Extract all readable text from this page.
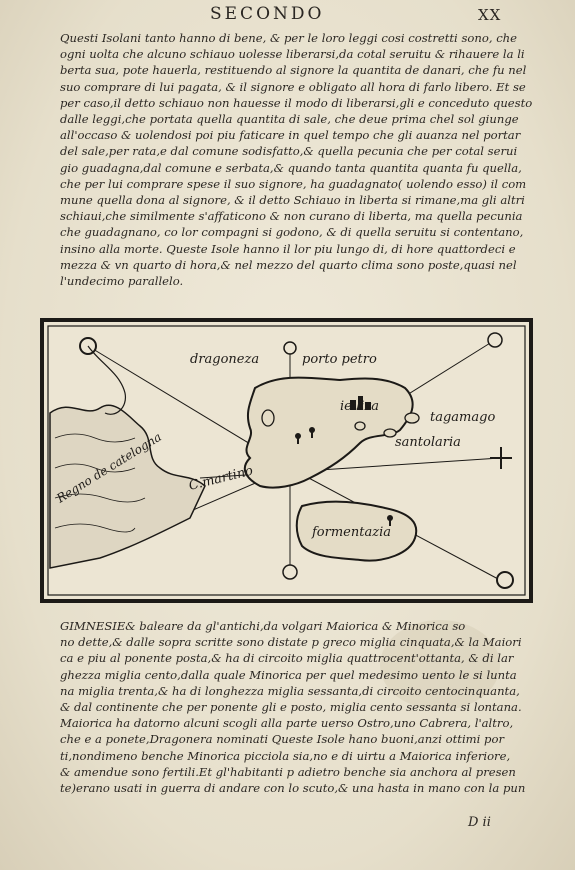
SECONDO	XX
Questi Isolani tanto hanno di bene, & per le loro leggi cosi costretti sono, che
ogni uolta che alcuno schiauo uolesse liberarsi,da cotal seruitu & rihauere la li
berta sua, pote hauerla, restituendo al signore la quantita de danari, che fu nel
suo comprare di lui pagata, & il signore e obligato all hora di farlo libero. Et se
per caso,il detto schiauo non hauesse il modo di liberarsi,gli e conceduto questo
dalle leggi,che portata quella quantita di sale, che deue prima chel sol giunge
all'occaso & uolendosi poi piu faticare in quel tempo che gli auanza nel portar
del sale,per rata,e dal comune sodisfatto,& quella pecunia che per cotal serui
gio guadagna,dal comune e serbata,& quando tanta quantita quanta fu quella,
che per lui comprare spese il suo signore, ha guadagnato( uolendo esso) il com
mune quella dona al signore, & il detto Schiauo in liberta si rimane,ma gli altri
schiaui,che similmente s'affaticono & non curano di liberta, ma quella pecunia
che guadagnano, co lor compagni si godono, & di quella seruitu si contentano,
insino alla morte. Queste Isole hanno il lor piu lungo di, di hore quattordeci e
mezza & vn quarto di hora,& nel mezzo del quarto clima sono poste,quasi nel
l'undecimo parallelo.
dragoneza	porto petro
ieuiza
tagamago
santolaria
Regno de catelogna C.martino
formentazia
GIMNESIE& baleare da gl'antichi,da volgari Maiorica & Minorica so
no dette,& dalle sopra scritte sono distate p greco miglia cinquata,& la Maiori
ca e piu al ponente posta,& ha di circoito miglia quattrocent'ottanta, & di lar
ghezza miglia cento,dalla quale Minorica per quel medesimo uento le si lunta
na miglia trenta,& ha di longhezza miglia sessanta,di circoito centocinquanta,
& dal continente che per ponente gli e posto, miglia cento sessanta si lontana.
Maiorica ha datorno alcuni scogli alla parte uerso Ostro,uno Cabrera, l'altro,
che e a ponete,Dragonera nominati Queste Isole hano buoni,anzi ottimi por
ti,nondimeno benche Minorica picciola sia,no e di uirtu a Maiorica inferiore,
& amendue sono fertili.Et gl'habitanti p adietro benche sia anchora al presen
te)erano usati in guerra di andare con lo scuto,& una hasta in mano con la pun
D ii
